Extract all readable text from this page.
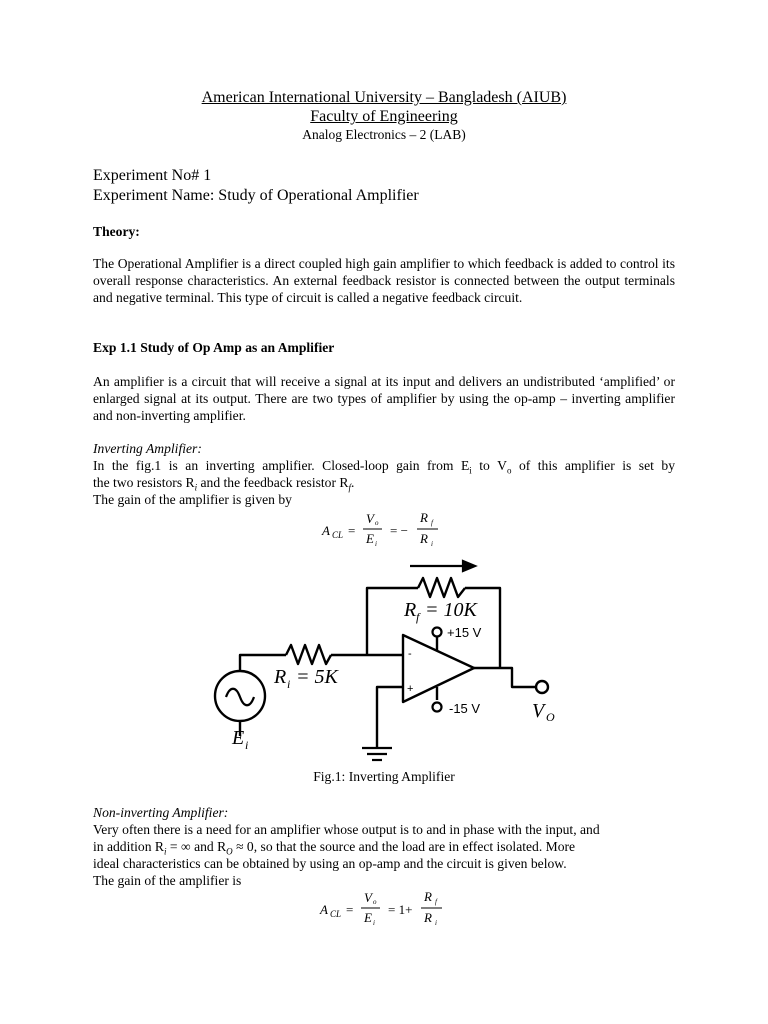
American International University – Bangladesh (AIUB)
Faculty of Engineering
Analog Electronics – 2 (LAB)
Experiment No# 1
Experiment Name: Study of Operational Amplifier
Theory:
The Operational Amplifier is a direct coupled high gain amplifier to which feedback is added to control its overall response characteristics. An external feedback resistor is connected between the output terminals and negative terminal. This type of circuit is called a negative feedback circuit.
Exp 1.1 Study of Op Amp as an Amplifier
An amplifier is a circuit that will receive a signal at its input and delivers an undistributed ‘amplified’ or enlarged signal at its output. There are two types of amplifier by using the op-amp – inverting amplifier and non-inverting amplifier.
Inverting Amplifier:
In the fig.1 is an inverting amplifier. Closed-loop gain from $E_i$ to $V_o$ of this amplifier is set by
the two resistors $R_i$ and the feedback resistor $R_f$.
The gain of the amplifier is given by
A CL =
V o
E i
= −
R f
R i
R f = 10K
R i = 5K
+15 V
-15 V
-
+
V O
E i
Fig.1: Inverting Amplifier
Non-inverting Amplifier:
Very often there is a need for an amplifier whose output is to and in phase with the input, and
in addition $R_i$ = ∞ and $R_O \approx 0$, so that the source and the load are in effect isolated. More
ideal characteristics can be obtained by using an op-amp and the circuit is given below.
The gain of the amplifier is
A CL =
V o
E i
= 1+
R f
R i
